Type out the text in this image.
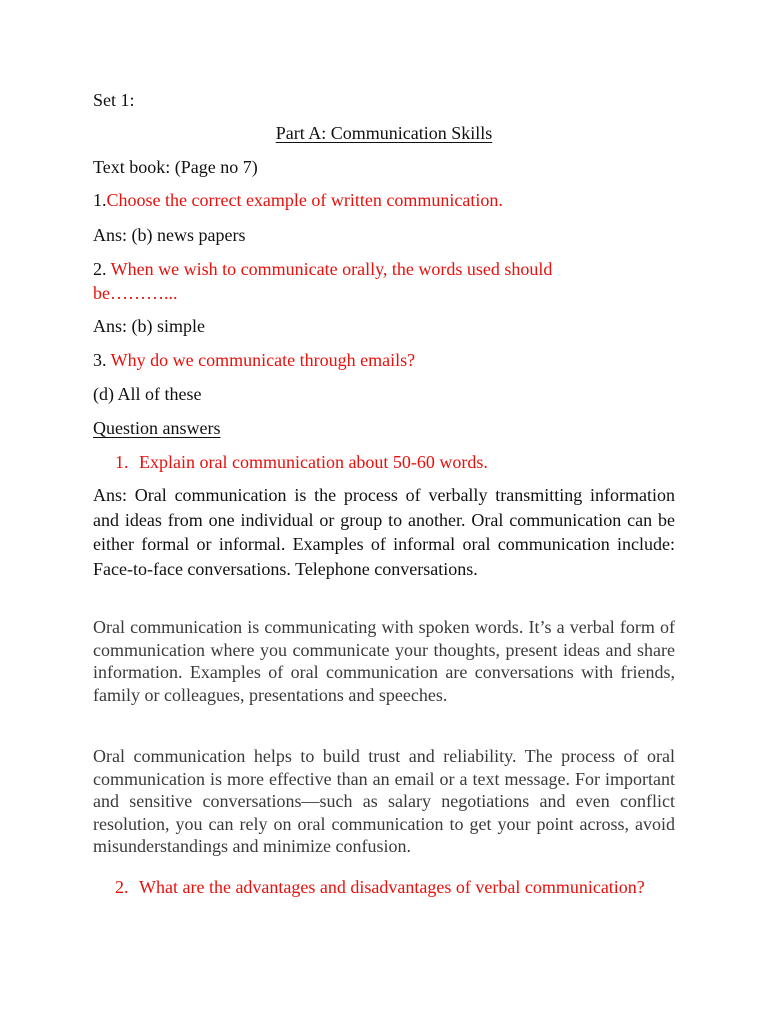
Set 1:
Part A: Communication Skills
Text book: (Page no 7)
1.Choose the correct example of written communication.
Ans: (b) news papers
2. When we wish to communicate orally, the words used should
be………...
Ans: (b) simple
3. Why do we communicate through emails?
(d) All of these
Question answers
1. Explain oral communication about 50-60 words.
Ans: Oral communication is the process of verbally transmitting information and ideas from one individual or group to another. Oral communication can be either formal or informal. Examples of informal oral communication include: Face-to-face conversations. Telephone conversations.
Oral communication is communicating with spoken words. It’s a verbal form of communication where you communicate your thoughts, present ideas and share information. Examples of oral communication are conversations with friends, family or colleagues, presentations and speeches.
Oral communication helps to build trust and reliability. The process of oral communication is more effective than an email or a text message. For important and sensitive conversations—such as salary negotiations and even conflict resolution, you can rely on oral communication to get your point across, avoid misunderstandings and minimize confusion.
2. What are the advantages and disadvantages of verbal communication?
